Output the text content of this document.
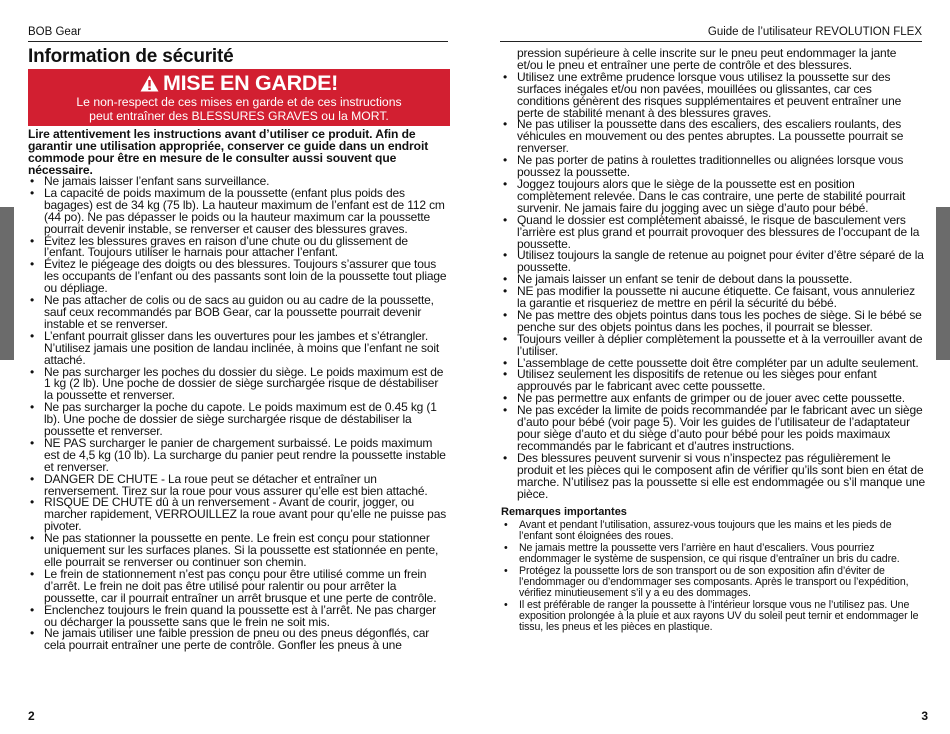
BOB Gear	Guide de l’utilisateur REVOLUTION FLEX
Information de sécurité
MISE EN GARDE!
Le non-respect de ces mises en garde et de ces instructions
peut entraîner des BLESSURES GRAVES ou la MORT.

Lire attentivement les instructions avant d’utiliser ce produit. Afin de garantir une utilisation appropriée, conserver ce guide dans un endroit commode pour être en mesure de le consulter aussi souvent que nécessaire.

• Ne jamais laisser l’enfant sans surveillance.
• La capacité de poids maximum de la poussette (enfant plus poids des bagages) est de 34 kg (75 lb). La hauteur maximum de l’enfant est de 112 cm (44 po). Ne pas dépasser le poids ou la hauteur maximum car la poussette pourrait devenir instable, se renverser et causer des blessures graves.
• Évitez les blessures graves en raison d’une chute ou du glissement de l’enfant. Toujours utiliser le harnais pour attacher l’enfant.
• Évitez le piégeage des doigts ou des blessures. Toujours s’assurer que tous les occupants de l’enfant ou des passants sont loin de la poussette tout pliage ou dépliage.
• Ne pas attacher de colis ou de sacs au guidon ou au cadre de la poussette, sauf ceux recommandés par BOB Gear, car la poussette pourrait devenir instable et se renverser.
• L’enfant pourrait glisser dans les ouvertures pour les jambes et s’étrangler. N’utilisez jamais une position de landau inclinée, à moins que l’enfant ne soit attaché.
• Ne pas surcharger les poches du dossier du siège. Le poids maximum est de 1 kg (2 lb). Une poche de dossier de siège surchargée risque de déstabiliser la poussette et renverser.
• Ne pas surcharger la poche du capote. Le poids maximum est de 0.45 kg (1 lb). Une poche de dossier de siège surchargée risque de déstabiliser la poussette et renverser.
• NE PAS surcharger le panier de chargement surbaissé. Le poids maximum est de 4,5 kg (10 lb). La surcharge du panier peut rendre la poussette instable et renverser.
• DANGER DE CHUTE - La roue peut se détacher et entraîner un renversement. Tirez sur la roue pour vous assurer qu’elle est bien attaché.
• RISQUE DE CHUTE dû à un renversement - Avant de courir, jogger, ou marcher rapidement, VERROUILLEZ la roue avant pour qu’elle ne puisse pas pivoter.
• Ne pas stationner la poussette en pente. Le frein est conçu pour stationner uniquement sur les surfaces planes. Si la poussette est stationnée en pente, elle pourrait se renverser ou continuer son chemin.
• Le frein de stationnement n’est pas conçu pour être utilisé comme un frein d’arrêt. Le frein ne doit pas être utilisé pour ralentir ou pour arrêter la poussette, car il pourrait entraîner un arrêt brusque et une perte de contrôle.
• Enclenchez toujours le frein quand la poussette est à l’arrêt. Ne pas charger ou décharger la poussette sans que le frein ne soit mis.
• Ne jamais utiliser une faible pression de pneu ou des pneus dégonflés, car cela pourrait entraîner une perte de contrôle. Gonfler les pneus à une
pression supérieure à celle inscrite sur le pneu peut endommager la jante et/ou le pneu et entraîner une perte de contrôle et des blessures.
• Utilisez une extrême prudence lorsque vous utilisez la poussette sur des surfaces inégales et/ou non pavées, mouillées ou glissantes, car ces conditions génèrent des risques supplémentaires et peuvent entraîner une perte de stabilité menant à des blessures graves.
• Ne pas utiliser la poussette dans des escaliers, des escaliers roulants, des véhicules en mouvement ou des pentes abruptes. La poussette pourrait se renverser.
• Ne pas porter de patins à roulettes traditionnelles ou alignées lorsque vous poussez la poussette.
• Joggez toujours alors que le siège de la poussette est en position complètement relevée. Dans le cas contraire, une perte de stabilité pourrait survenir. Ne jamais faire du jogging avec un siège d’auto pour bébé.
• Quand le dossier est complètement abaissé, le risque de basculement vers l’arrière est plus grand et pourrait provoquer des blessures de l’occupant de la poussette.
• Utilisez toujours la sangle de retenue au poignet pour éviter d’être séparé de la poussette.
• Ne jamais laisser un enfant se tenir de debout dans la poussette.
• NE pas modifier la poussette ni aucune étiquette. Ce faisant, vous annuleriez la garantie et risqueriez de mettre en péril la sécurité du bébé.
• Ne pas mettre des objets pointus dans tous les poches de siège. Si le bébé se penche sur des objets pointus dans les poches, il pourrait se blesser.
• Toujours veiller à déplier complètement la poussette et à la verrouiller avant de l’utiliser.
• L’assemblage de cette poussette doit être compléter par un adulte seulement.
• Utilisez seulement les dispositifs de retenue ou les sièges pour enfant approuvés par le fabricant avec cette poussette.
• Ne pas permettre aux enfants de grimper ou de jouer avec cette poussette.
• Ne pas excéder la limite de poids recommandée par le fabricant avec un siège d’auto pour bébé (voir page 5). Voir les guides de l’utilisateur de l’adaptateur pour siège d’auto et du siège d’auto pour bébé pour les poids maximaux recommandés par le fabricant et d’autres instructions.
• Des blessures peuvent survenir si vous n’inspectez pas régulièrement le produit et les pièces qui le composent afin de vérifier qu’ils sont bien en état de marche. N’utilisez pas la poussette si elle est endommagée ou s’il manque une pièce.
Remarques importantes
• Avant et pendant l’utilisation, assurez-vous toujours que les mains et les pieds de l’enfant sont éloignées des roues.
• Ne jamais mettre la poussette vers l’arrière en haut d’escaliers. Vous pourriez endommager le système de suspension, ce qui risque d’entraîner un bris du cadre.
• Protégez la poussette lors de son transport ou de son exposition afin d’éviter de l’endommager ou d’endommager ses composants. Après le transport ou l’expédition, vérifiez minutieusement s’il y a eu des dommages.
• Il est préférable de ranger la poussette à l’intérieur lorsque vous ne l’utilisez pas. Une exposition prolongée à la pluie et aux rayons UV du soleil peut ternir et endommager le tissu, les pneus et les pièces en plastique.
2	3
